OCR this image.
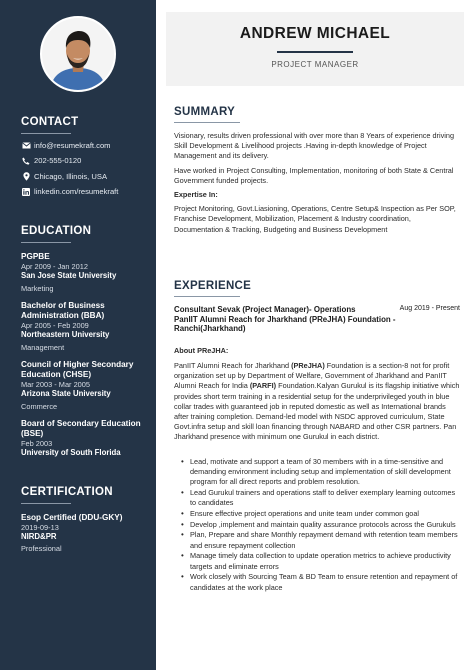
CONTACT
info@resumekraft.com
202-555-0120
Chicago, Illinois, USA
linkedin.com/resumekraft
EDUCATION
PGPBE
Apr 2009 - Jan 2012
San Jose State University
Marketing
Bachelor of Business Administration (BBA)
Apr 2005 - Feb 2009
Northeastern University
Management
Council of Higher Secondary Education (CHSE)
Mar 2003 - Mar 2005
Arizona State University
Commerce
Board of Secondary Education (BSE)
Feb 2003
University of South Florida
CERTIFICATION
Esop Certified (DDU-GKY)
2019-09-13
NIRD&PR
Professional
ANDREW MICHAEL
PROJECT MANAGER
SUMMARY

Visionary, results driven professional with over more than 8 Years of experience driving Skill Development & Livelihood projects .Having in-depth knowledge of Project Management and its delivery.

Have worked in Project Consulting, Implementation, monitoring of both State & Central Government funded projects.

Expertise In:

Project Monitoring, Govt.Liasioning, Operations, Centre Setup& Inspection as Per SOP, Franchise Development, Mobilization, Placement & Industry coordination, Documentation & Tracking, Budgeting and Business Development

EXPERIENCE
Consultant Sevak (Project Manager)- Operations	Aug 2019 - Present
PanIIT Alumni Reach for Jharkhand (PReJHA) Foundation - Ranchi(Jharkhand)

About PReJHA:

PanIIT Alumni Reach for Jharkhand (PReJHA) Foundation is a section-8 not for profit organization set up by Department of Welfare, Government of Jharkhand and PanIIT Alumni Reach for India (PARFI) Foundation.Kalyan Gurukul is its flagship initiative which provides short term training in a residential setup for the underprivileged youth in blue collar trades with guaranteed job in reputed domestic as well as International brands after training completion. Demand-led model with NSDC approved curriculum, State Govt.infra setup and skill loan financing through NABARD and other CSR partners. Pan Jharkhand presence with minimum one Gurukul in each district.

• Lead, motivate and support a team of 30 members with in a time-sensitive and demanding environment including setup and implementation of skill development program for all direct reports and problem resolution.
• Lead Gurukul trainers and operations staff to deliver exemplary learning outcomes to candidates
• Ensure effective project operations and unite team under common goal
• Develop ,implement and maintain quality assurance protocols across the Gurukuls
• Plan, Prepare and share Monthly repayment demand with retention team members and ensure repayment collection
• Manage timely data collection to update operation metrics to achieve productivity targets and eliminate errors
• Work closely with Sourcing Team & BD Team to ensure retention and repayment of candidates at the work place
